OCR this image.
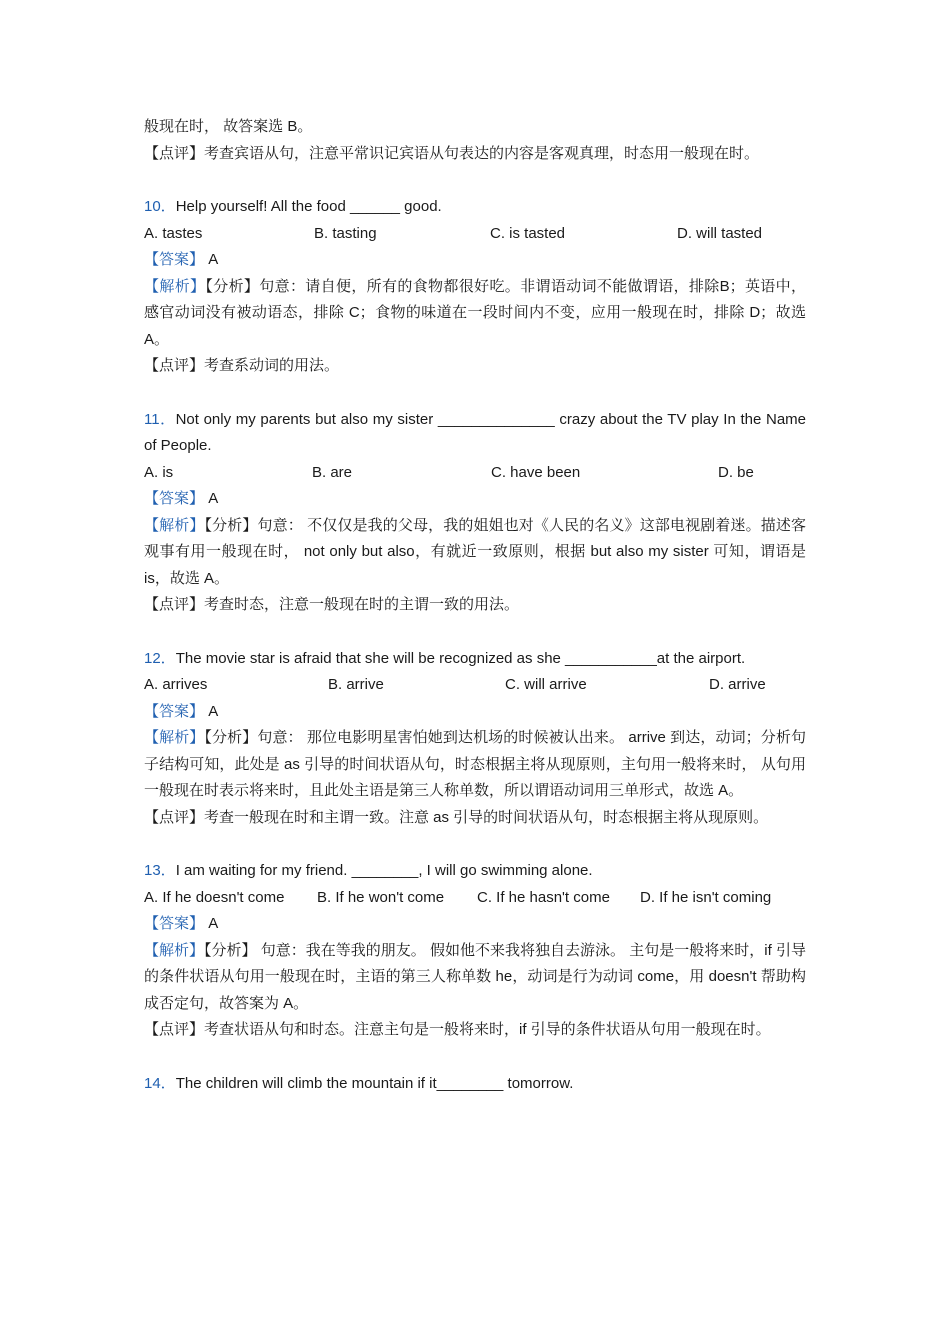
般现在时， 故答案选 B。
【点评】考查宾语从句，注意平常识记宾语从句表达的内容是客观真理，时态用一般现在时。
10．Help yourself! All the food ______ good.
A. tastes	B. tasting	C. is tasted	D. will tasted
【答案】 A
【解析】【分析】句意：请自便，所有的食物都很好吃。非谓语动词不能做谓语，排除B；英语中，感官动词没有被动语态，排除 C；食物的味道在一段时间内不变，应用一般现在时，排除 D；故选 A。
【点评】考查系动词的用法。
11．Not only my parents but also my sister ______________ crazy about the TV play In the Name of People.
A. is	B. are	C. have been	D. be
【答案】 A
【解析】【分析】句意： 不仅仅是我的父母，我的姐姐也对《人民的名义》这部电视剧着迷。描述客观事有用一般现在时， not only but also，有就近一致原则，根据 but also my sister 可知，谓语是 is，故选 A。
【点评】考查时态，注意一般现在时的主谓一致的用法。
12．The movie star is afraid that she will be recognized as she ___________at the airport.
A. arrives	B. arrive	C. will arrive	D. arrive
【答案】 A
【解析】【分析】句意： 那位电影明星害怕她到达机场的时候被认出来。 arrive 到达，动词；分析句子结构可知，此处是 as 引导的时间状语从句，时态根据主将从现原则，主句用一般将来时， 从句用一般现在时表示将来时，且此处主语是第三人称单数，所以谓语动词用三单形式，故选 A。
【点评】考查一般现在时和主谓一致。注意 as 引导的时间状语从句，时态根据主将从现原则。
13．I am waiting for my friend. ________, I will go swimming alone.
A. If he doesn't come	B. If he won't come	C. If he hasn't come	D. If he isn't coming
【答案】 A
【解析】【分析】 句意：我在等我的朋友。 假如他不来我将独自去游泳。 主句是一般将来时，if 引导的条件状语从句用一般现在时，主语的第三人称单数 he，动词是行为动词 come，用 doesn't 帮助构成否定句，故答案为 A。
【点评】考查状语从句和时态。注意主句是一般将来时，if 引导的条件状语从句用一般现在时。
14．The children will climb the mountain if it________ tomorrow.
